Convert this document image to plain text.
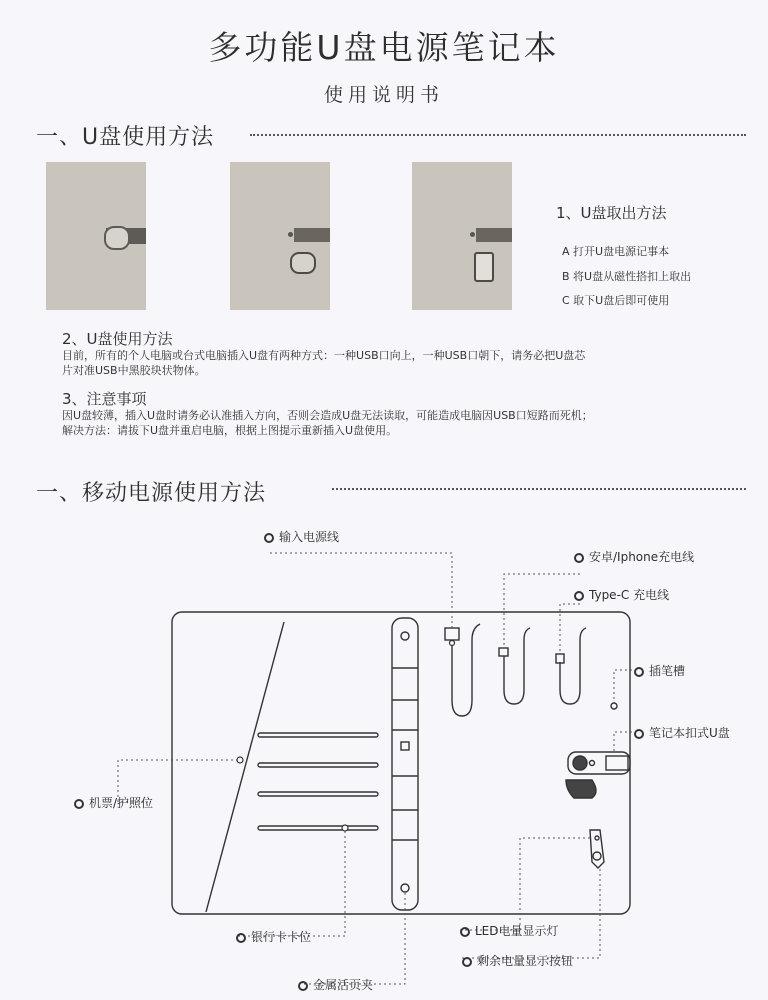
多功能U盘电源笔记本
使用说明书
一、U盘使用方法
1、U盘取出方法
A 打开U盘电源记事本
B 将U盘从磁性搭扣上取出
C 取下U盘后即可使用
2、U盘使用方法
目前，所有的个人电脑或台式电脑插入U盘有两种方式：一种USB口向上，一种USB口朝下，请务必把U盘芯
片对准USB中黑胶块状物体。
3、注意事项
因U盘较薄，插入U盘时请务必认准插入方向，否则会造成U盘无法读取，可能造成电脑因USB口短路而死机；
解决方法：请拔下U盘并重启电脑，根据上图提示重新插入U盘使用。
一、移动电源使用方法
输入电源线
安卓/Iphone充电线
Type-C 充电线
插笔槽
笔记本扣式U盘
机票/护照位
银行卡卡位	LED电量显示灯
剩余电量显示按钮
金属活页夹
